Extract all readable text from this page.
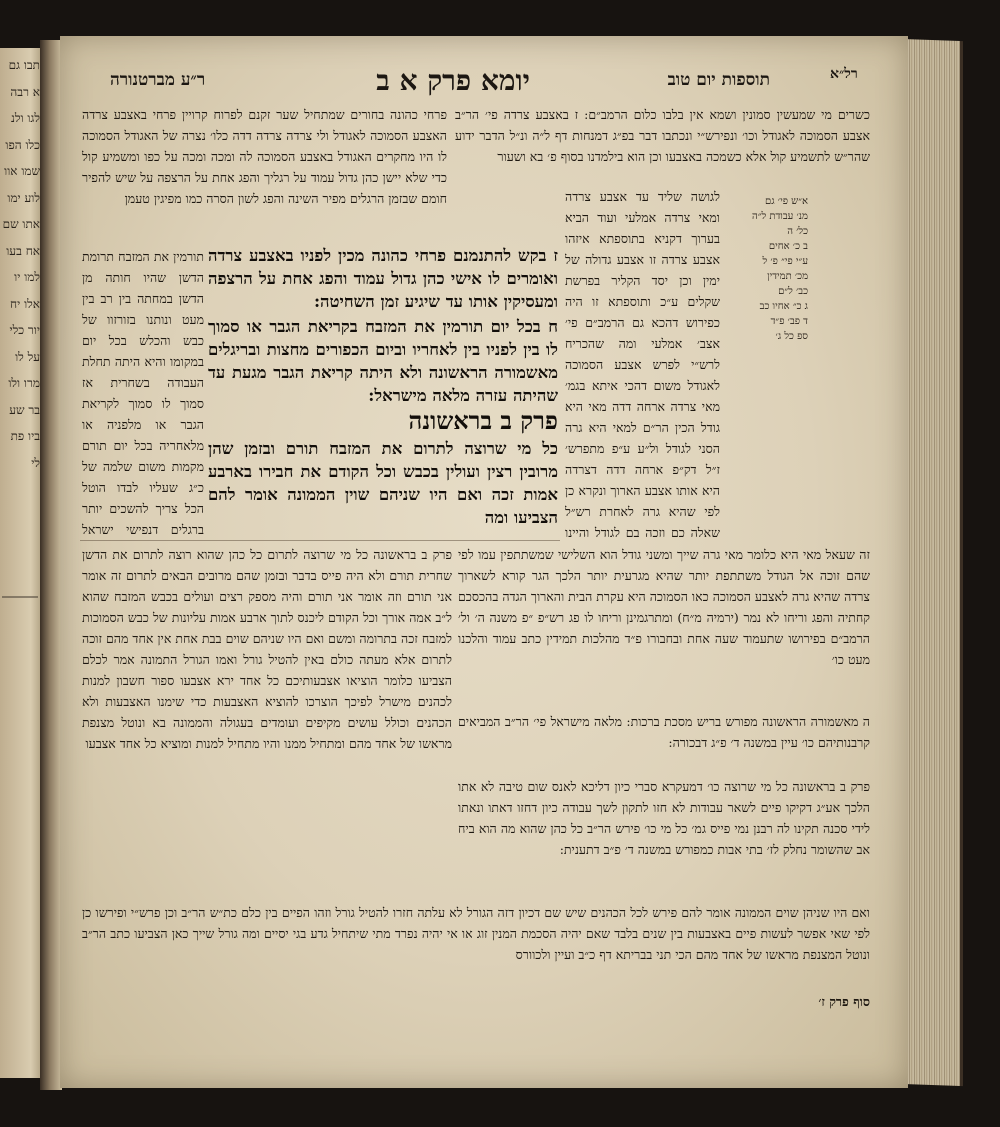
תבו גם א רבה לגו ולנ כלו הפו שמו אוו לוע ימו אתו שם אח בעו למו יו אלו יח יור כלי על לו מרו ולו בר שע ביו פת לי
רל״א
תוספות יום טוב
יומא פרק א ב
ר״ע מברטנורה

כשרים מי שמעשין סמונין ושמא אין בלבו כלום הרמב״ם: ז באצבע צרדה פי׳ הר״ב אצבע הסמוכה לאגודל וכו׳ ונפירש״י ונכתבו דבר בפ״ג דמנחות דף ל״ה ונ״ל הדבר ידוע שהר״ש לתשמיע קול אלא כשמכה באצבעו וכן הוא בילמדנו בסוף פ׳ בא ושעור

פרחי כהונה בחורים שמתחיל שער זקנם לפרוח קרויין פרחי באצבע צרדה האצבע הסמוכה לאגודל ולי צרדה צרדה דדה כלו׳ נצרה של האגודל הסמוכה לו היו מחקרים האגודל באצבע הסמוכה לה ומכה ומכה על כפו ומשמיע קול כדי שלא יישן כהן גדול עמוד על רגליך והפג אחת על הרצפה על שיש להפיר חומם שבזמן הרגלים מפיר השינה והפג לשון הסרה כמו מפיגין טעמן

ז בקש להתנמנם פרחי כהונה מכין לפניו באצבע צרדה ואומרים לו אישי כהן גדול עמוד והפג אחת על הרצפה ומעסיקין אותו עד שיגיע זמן השחיטה:

ח בכל יום תורמין את המזבח בקריאת הגבר או סמוך לו בין לפניו בין לאחריו וביום הכפורים מחצות ובריגלים מאשמורה הראשונה ולא היתה קריאת הגבר מגעת עד שהיתה עזרה מלאה מישראל:

פרק ב בראשונה

כל מי שרוצה לתרום את המזבח תורם ובזמן שהן מרובין רצין ועולין בכבש וכל הקודם את חבירו בארבע אמות זכה ואם היו שניהם שוין הממונה אומר להם הצביעו ומה

תורמין את המזבח תרומת הדשן שהיו חותה מן הדשן במחתה בין רב בין מעט ונותנו בזורזוו של כבש והכלש בכל יום במקומו והיא היתה תחלת העבודה בשחרית אז סמוך לו סמוך לקריאת הגבר או מלפניה או מלאחריה בכל יום תורם מקמות משום שלמה של כ״ג שעליו לבדו הוטל הכל צריך להשכים יותר ברגלים דנפישי ישראל

לגושה שליד עד אצבע צרדה ומאי צרדה אמלעי ועוד הביא בערוך דקניא בתוספתא איזהו אצבע צרדה זו אצבע גדולה של ימין וכן יסד הקליר בפרשת שקלים ע״כ ותוספתא זו היה כפירוש דהכא גם הרמב״ם פי׳ אצב׳ אמלעי ומה שהכריח לרש״י לפרש אצבע הסמוכה לאגודל משום דהכי איתא בגמ׳ מאי צרדה ארחה דדה מאי היא גודל הכין הר״ם למאי היא גרה הסני לגודל ול״ע ע״פ מתפרש׳ ז״ל דק״פ ארחה דדה דצרדה היא אותו אצבע הארוך ונקרא כן לפי שהיא גרה לאחרת רש״ל שאלה כם וזכה בם לגודל והיינו

א״ש פי׳ גם
מנ׳ עבודת ל״ה
כל׳ ה
ב כ׳ אחים
ע״י פי״ פ׳ ל
מכ׳ תמידין
כב׳ ל״ם
ג כ״ אחיו כב
ד פב׳ פ״ד
ספ כל ג׳

פרק ב בראשונה כל מי שרוצה לתרום כל כהן שהוא רוצה לתרום את הדשן שחרית תורם ולא היה פייס בדבר ובזמן שהם מרובים הבאים לתרום זה אומר אני תורם וזה אומר אני תורם והיה מספק רצים ועולים בכבש המזבח שהוא ל״ב אמה אורך וכל הקודם ליכנס לתוך ארבע אמות עליונות של כבש הסמוכות למזבח זכה בתרומה ומשם ואם היו שניהם שוים בבת אחת אין אחד מהם זוכה לתרום אלא מעתה כולם באין להטיל גורל ואמו הגורל התמונה אמר לכלם הצביעו כלומר הוציאו אצבעותיכם כל אחד ירא אצבעו ספור חשבון למנות לכהנים מישרל לפיכך הוצרכו להוציא האצבעות כדי שימנו האצבעות ולא הכהנים וכולל עושים מקיפים ועומדים בעגולה והממונה בא ונוטל מצנפת מראשו של אחד מהם ומתחיל ממנו והיו מתחיל למנות ומוציא כל אחד אצבעו

זה שעאל מאי היא כלומר מאי גרה שייך ומשני גודל הוא השלישי שמשתתפין עמו לפי שהם זוכה אל הגודל משתתפת יותר שהיא מגרעית יותר הלכך הגר קורא לשארוך צרדה שהיא גרה לאצבע הסמוכה כאו הסמוכה היא עקרת הבית והארוך הגדה בהכסכם קחתיה והפג וריחו לא נמר (ירמיה מ״ח) ומתרגמינן וריחו לו פג רש״פ ״פ משנה ה׳ ול׳ הרמב״ם בפירושו שתעמוד שעה אחת ובחבורו פ״ד מהלכות תמידין כתב עמוד והלכנו מעט כו׳

ה מאשמורה הראשונה מפורש בריש מסכת ברכות: מלאה מישראל פי׳ הר״ב המביאים קרבנותיהם כו׳ עיין במשנה ד׳ פ״ג דבכורה:

פרק ב בראשונה כל מי שרוצה כו׳ דמעקרא סברי כיון דליכא לאנס שום טיבה לא אתו הלכך אע״ג דקיקו פיים לשאר עבודות לא חזו לתקון לשך עבודה כיון דחזו דאתו ונאתו לידי סכנה תקינו לה רבנן נמי פייס גמ׳ כל מי כו׳ פירש הר״ב כל כהן שהוא מה הוא ביח אב שהשומר נחלק לז׳ בתי אבות כמפורש במשנה ד׳ פ״ב דתענית:

ואם היו שניהן שוים הממונה אומר להם פירש לכל הכהנים שיש שם דכיון דזה הגורל לא עלתה חזרו להטיל גורל וזהו הפיים בין כלם כת״ש הר״ב וכן פרש״י ופירשו כן לפי שאי אפשר לעשות פיים באצבעות בין שנים בלבד שאם יהיה הסכמת המנין זוג או אי יהיה נפרד מתי שיתחיל גדע בגי יסיים ומה גורל שייך כאן הצביעו כתב הר״ב ונוטל המצנפת מראשו של אחד מהם הכי תני בבריתא דף כ״ב ועיין ולכוורס

סוף פרק ז׳
